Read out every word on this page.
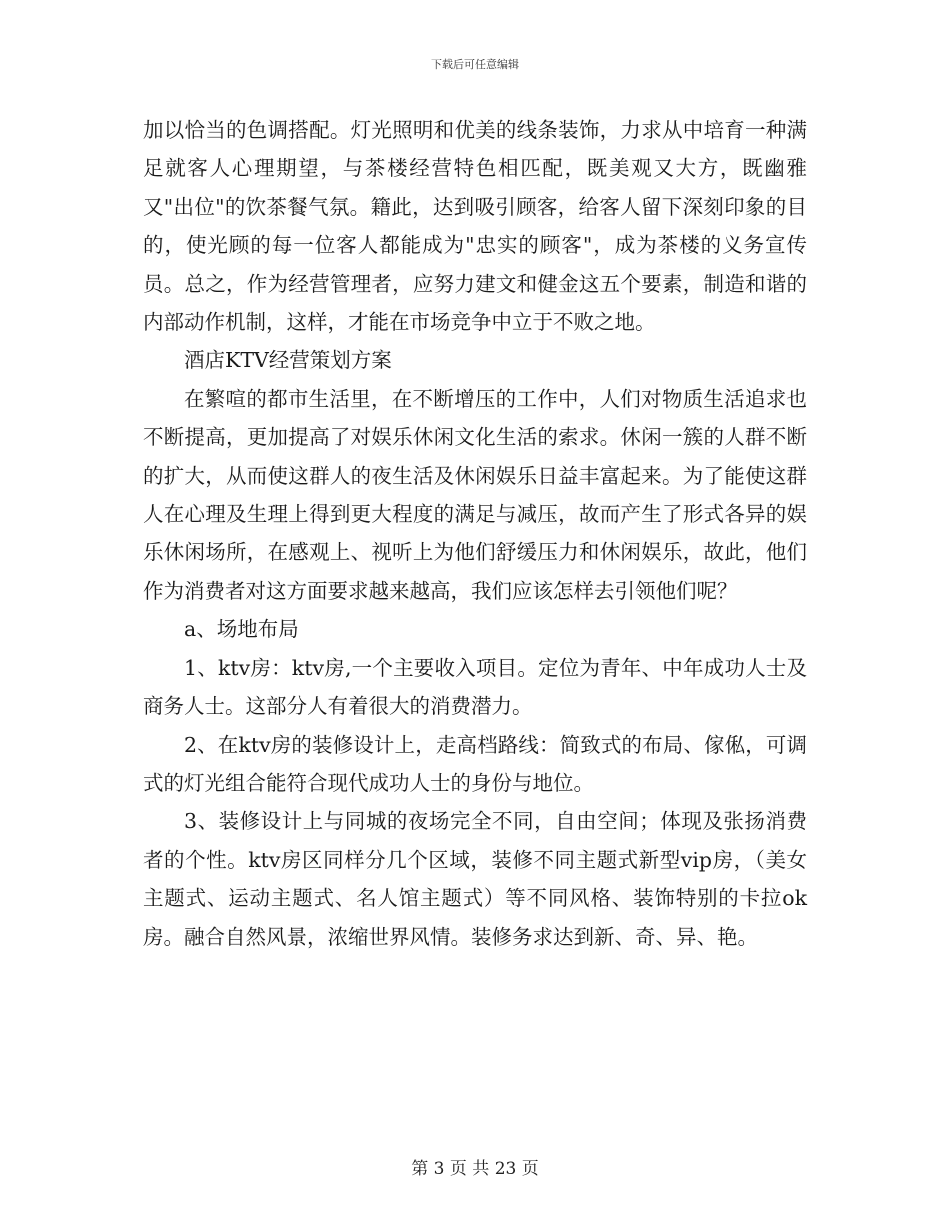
下载后可任意编辑

加以恰当的色调搭配。灯光照明和优美的线条装饰，力求从中培育一种满足就客人心理期望，与茶楼经营特色相匹配，既美观又大方，既幽雅又"出位"的饮茶餐气氛。籍此，达到吸引顾客，给客人留下深刻印象的目的，使光顾的每一位客人都能成为"忠实的顾客"，成为茶楼的义务宣传员。总之，作为经营管理者，应努力建文和健金这五个要素，制造和谐的内部动作机制，这样，才能在市场竞争中立于不败之地。

酒店KTV经营策划方案

在繁喧的都市生活里，在不断增压的工作中，人们对物质生活追求也不断提高，更加提高了对娱乐休闲文化生活的索求。休闲一簇的人群不断的扩大，从而使这群人的夜生活及休闲娱乐日益丰富起来。为了能使这群人在心理及生理上得到更大程度的满足与减压，故而产生了形式各异的娱乐休闲场所，在感观上、视听上为他们舒缓压力和休闲娱乐，故此，他们作为消费者对这方面要求越来越高，我们应该怎样去引领他们呢？

a、场地布局

1、ktv房：ktv房,一个主要收入项目。定位为青年、中年成功人士及商务人士。这部分人有着很大的消费潜力。

2、在ktv房的装修设计上，走高档路线：简致式的布局、傢俬，可调式的灯光组合能符合现代成功人士的身份与地位。

3、装修设计上与同城的夜场完全不同，自由空间；体现及张扬消费者的个性。ktv房区同样分几个区域，装修不同主题式新型vip房，（美女主题式、运动主题式、名人馆主题式）等不同风格、装饰特别的卡拉ok房。融合自然风景，浓缩世界风情。装修务求达到新、奇、异、艳。

第 3 页 共 23 页
